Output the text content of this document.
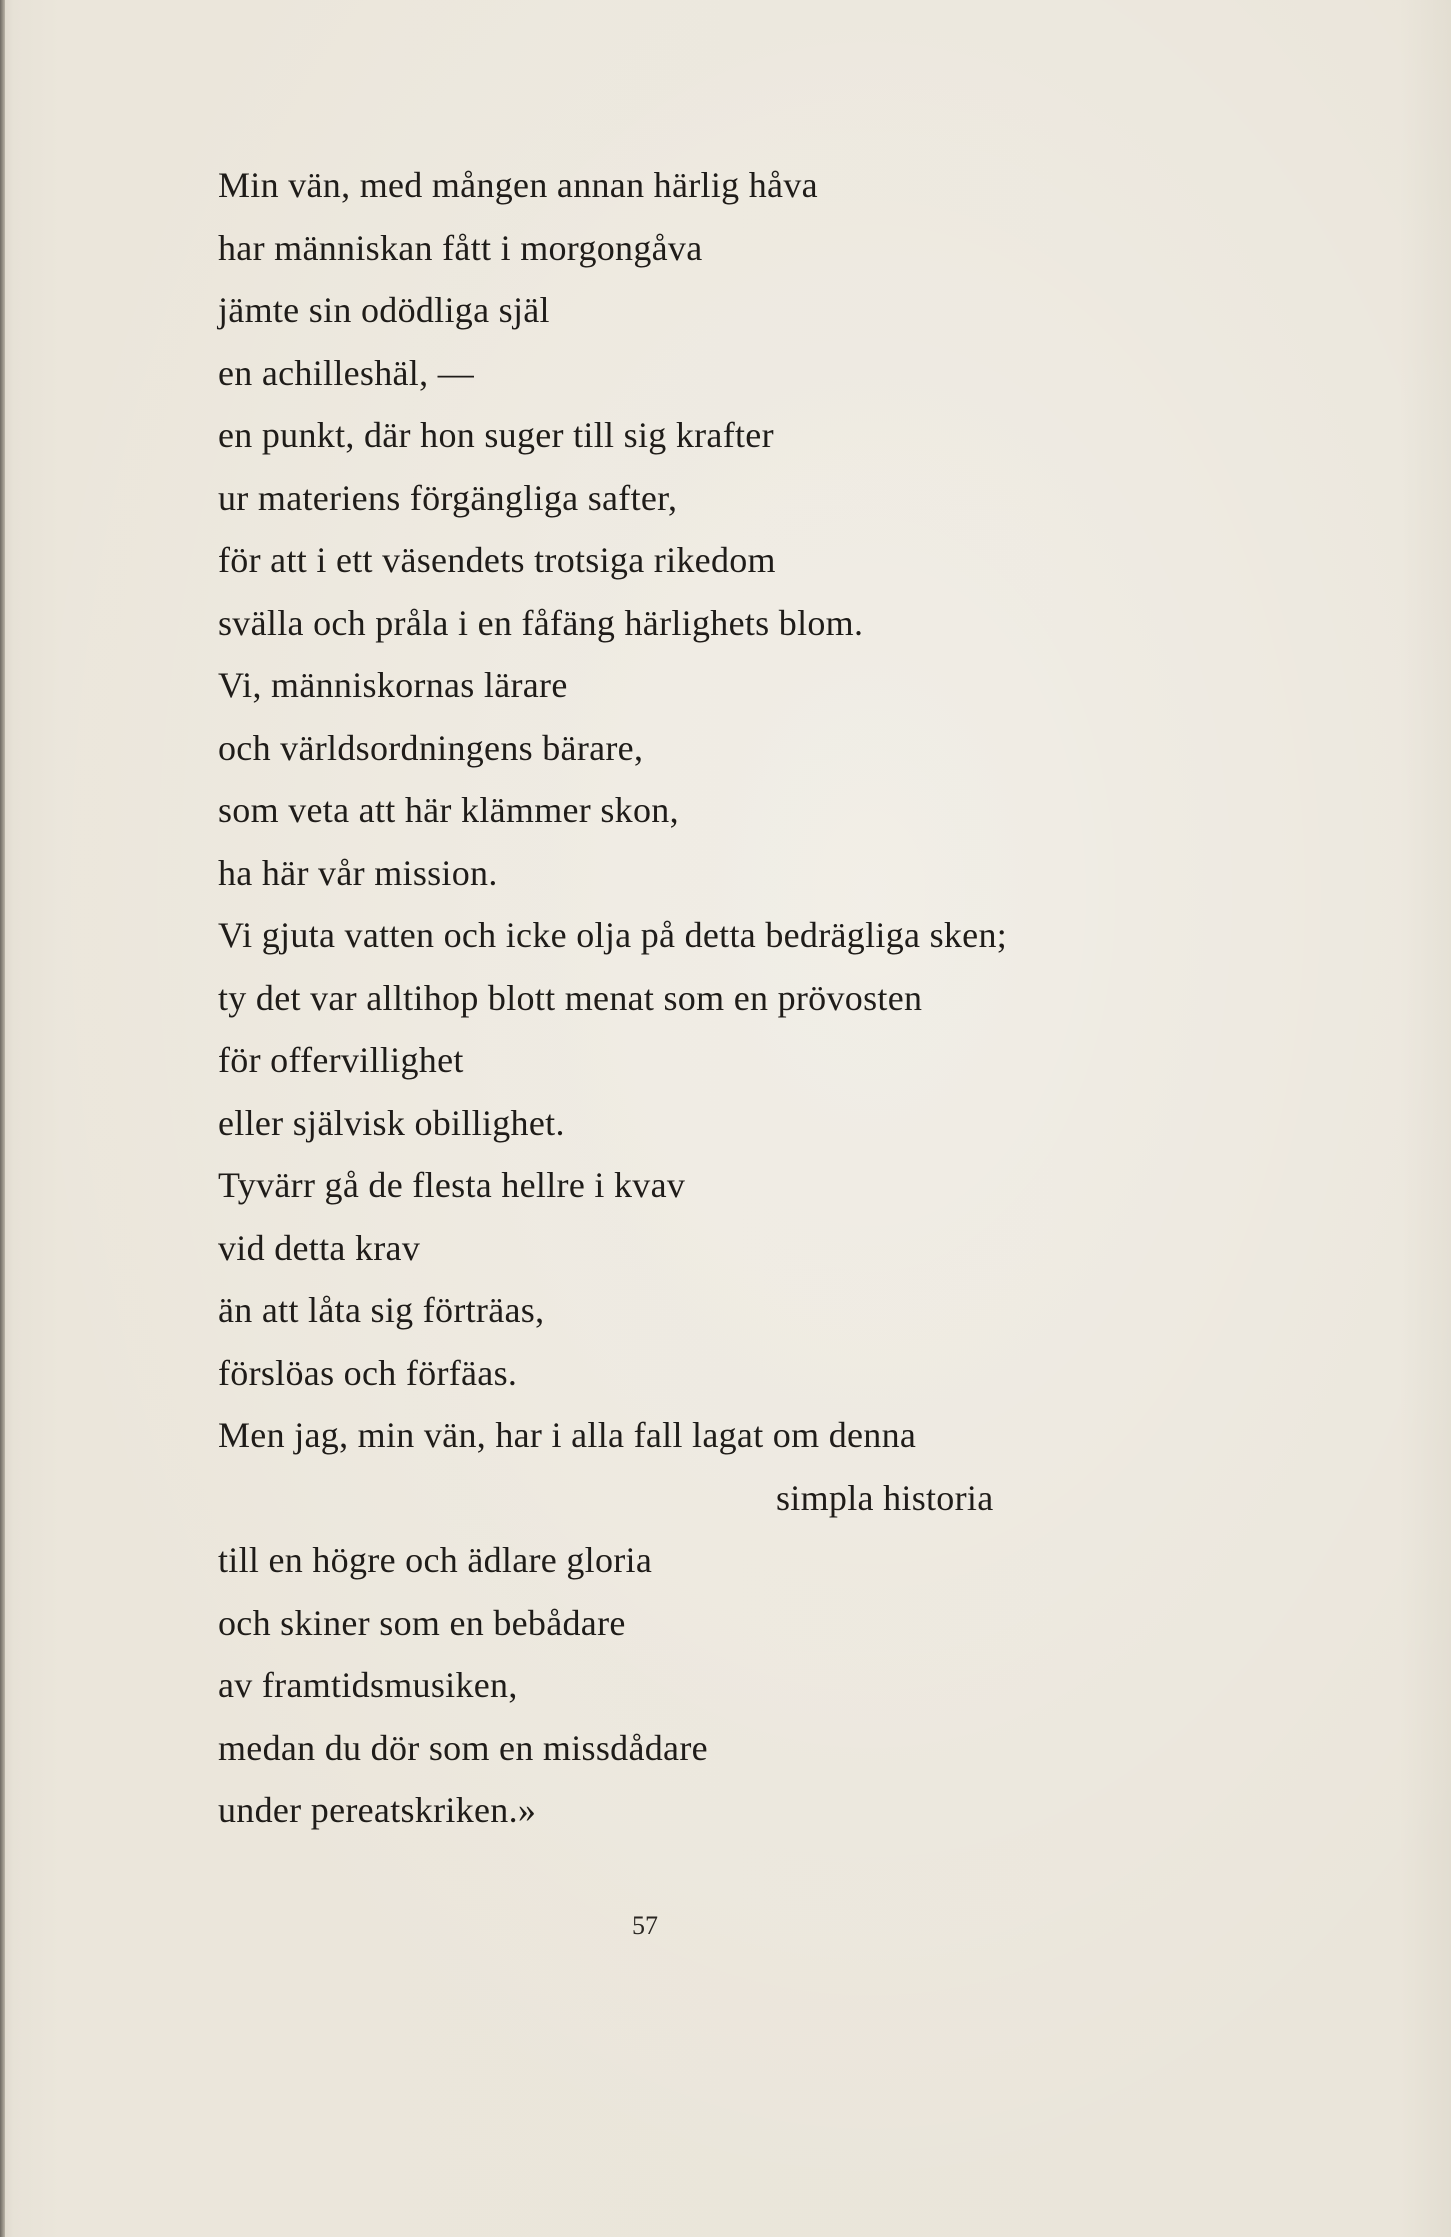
Min vän, med mången annan härlig håva
har människan fått i morgongåva
jämte sin odödliga själ
en achilleshäl, —
en punkt, där hon suger till sig krafter
ur materiens förgängliga safter,
för att i ett väsendets trotsiga rikedom
svälla och pråla i en fåfäng härlighets blom.
Vi, människornas lärare
och världsordningens bärare,
som veta att här klämmer skon,
ha här vår mission.
Vi gjuta vatten och icke olja på detta bedrägliga sken;
ty det var alltihop blott menat som en prövosten
för offervillighet
eller självisk obillighet.
Tyvärr gå de flesta hellre i kvav
vid detta krav
än att låta sig förträas,
förslöas och förfäas.
Men jag, min vän, har i alla fall lagat om denna
simpla historia
till en högre och ädlare gloria
och skiner som en bebådare
av framtidsmusiken,
medan du dör som en missdådare
under pereatskriken.»
57
